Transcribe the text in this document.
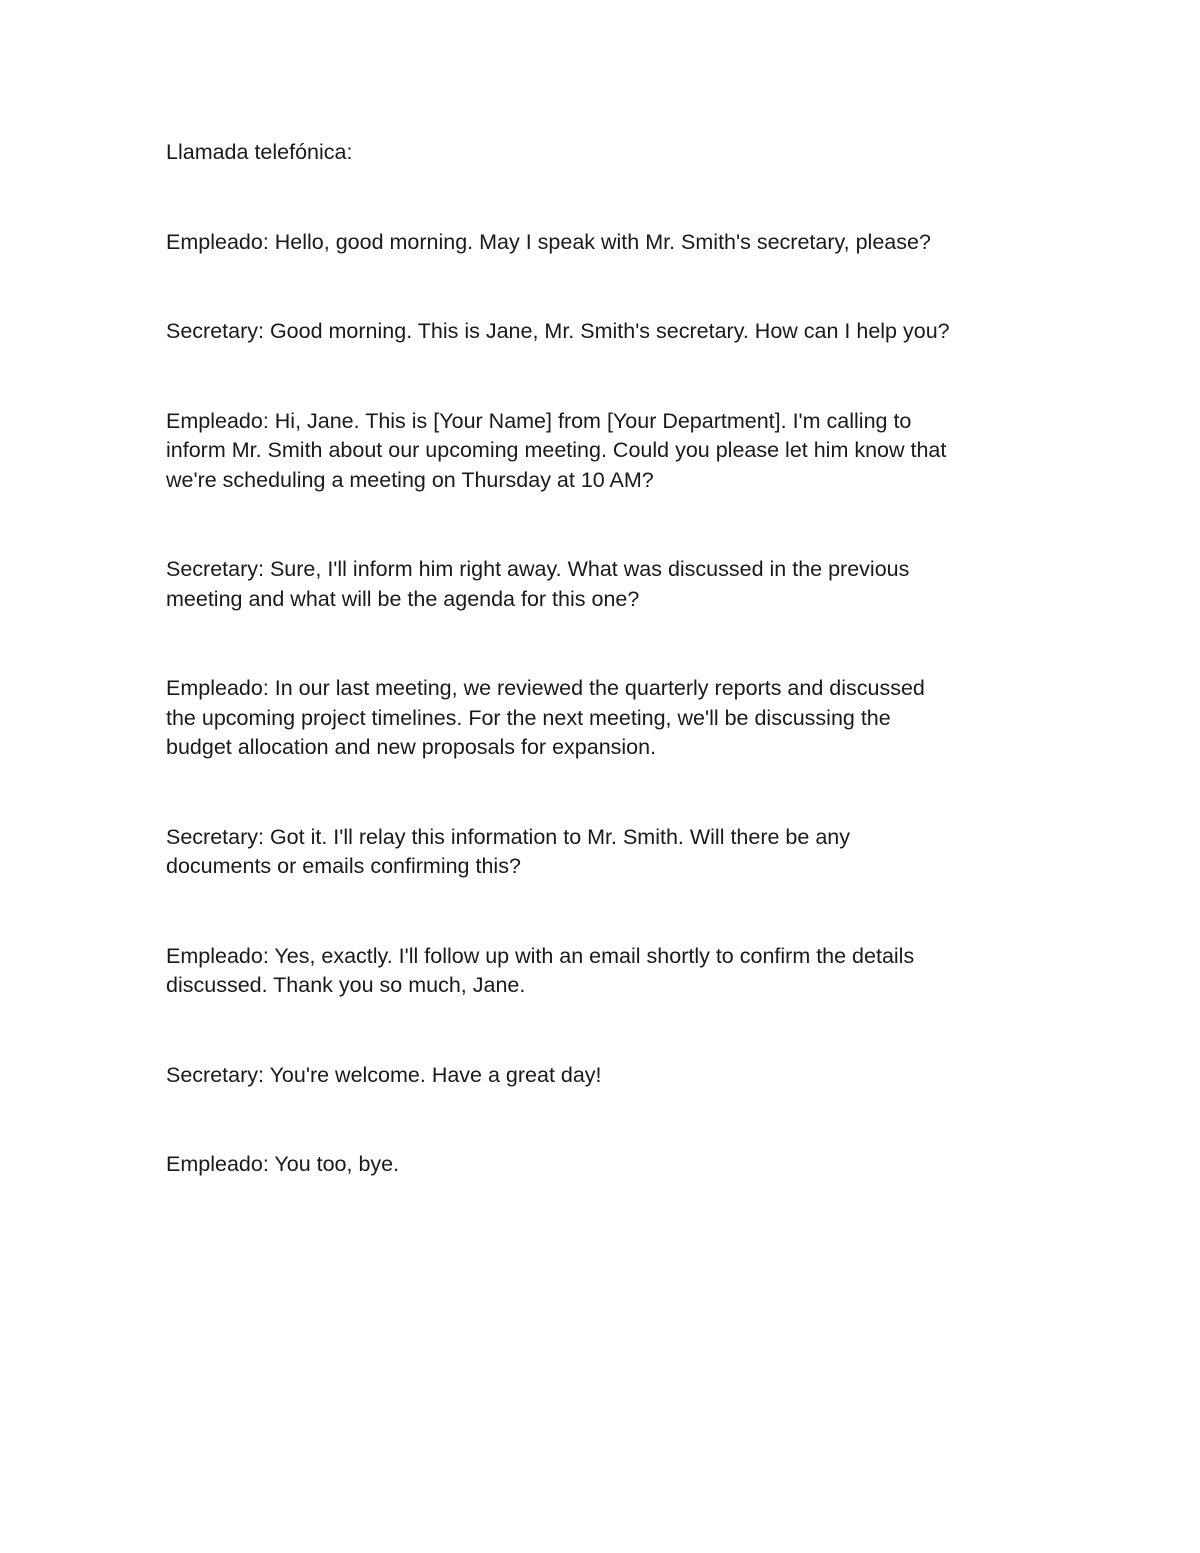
Llamada telefónica:
Empleado: Hello, good morning. May I speak with Mr. Smith's secretary, please?
Secretary: Good morning. This is Jane, Mr. Smith's secretary. How can I help you?
Empleado: Hi, Jane. This is [Your Name] from [Your Department]. I'm calling to
inform Mr. Smith about our upcoming meeting. Could you please let him know that
we're scheduling a meeting on Thursday at 10 AM?
Secretary: Sure, I'll inform him right away. What was discussed in the previous
meeting and what will be the agenda for this one?
Empleado: In our last meeting, we reviewed the quarterly reports and discussed
the upcoming project timelines. For the next meeting, we'll be discussing the
budget allocation and new proposals for expansion.
Secretary: Got it. I'll relay this information to Mr. Smith. Will there be any
documents or emails confirming this?
Empleado: Yes, exactly. I'll follow up with an email shortly to confirm the details
discussed. Thank you so much, Jane.
Secretary: You're welcome. Have a great day!
Empleado: You too, bye.
